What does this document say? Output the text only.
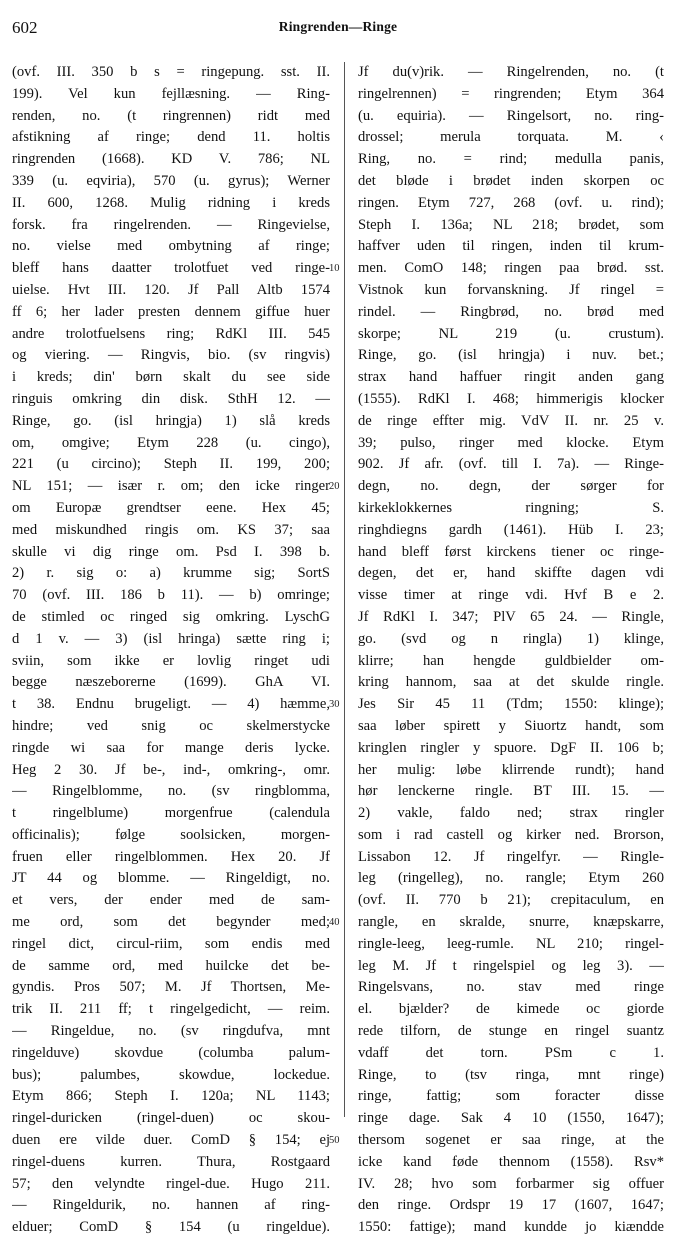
602	Ringrenden—Ringe
(ovf. III. 350 b s = ringepung. sst. II.
199). Vel kun fejllæsning. — Ring-
renden, no. (t ringrennen) ridt med
afstikning af ringe; dend 11. holtis
ringrenden (1668). KD V. 786; NL
339 (u. eqviria), 570 (u. gyrus); Werner
II. 600, 1268. Mulig ridning i kreds
forsk. fra ringelrenden. — Ringevielse,
no. vielse med ombytning af ringe;
bleff hans daatter trolotfuet ved ringe-
uielse. Hvt III. 120. Jf Pall Altb 1574
ff 6; her lader presten dennem giffue huer
andre trolotfuelsens ring; RdKl III. 545
og viering. — Ringvis, bio. (sv ringvis)
i kreds; din' børn skalt du see side
ringuis omkring din disk. SthH 12. —
Ringe, go. (isl hringja) 1) slå kreds
om, omgive; Etym 228 (u. cingo),
221 (u circino); Steph II. 199, 200;
NL 151; — især r. om; den icke ringer
om Europæ grendtser eene. Hex 45;
med miskundhed ringis om. KS 37; saa
skulle vi dig ringe om. Psd I. 398 b.
2) r. sig o: a) krumme sig; SortS
70 (ovf. III. 186 b 11). — b) omringe;
de stimled oc ringed sig omkring. LyschG
d 1 v. — 3) (isl hringa) sætte ring i;
sviin, som ikke er lovlig ringet udi
begge næszeborerne (1699). GhA VI.
t 38. Endnu brugeligt. — 4) hæmme,
hindre; ved snig oc skelmerstycke
ringde wi saa for mange deris lycke.
Heg 2 30. Jf be-, ind-, omkring-, omr.
— Ringelblomme, no. (sv ringblomma,
t ringelblume) morgenfrue (calendula
officinalis); følge soolsicken, morgen-
fruen eller ringelblommen. Hex 20. Jf
JT 44 og blomme. — Ringeldigt, no.
et vers, der ender med de sam-
me ord, som det begynder med;
ringel dict, circul-riim, som endis med
de samme ord, med huilcke det be-
gyndis. Pros 507; M. Jf Thortsen, Me-
trik II. 211 ff; t ringelgedicht, — reim.
— Ringeldue, no. (sv ringdufva, mnt
ringelduve) skovdue (columba palum-
bus); palumbes, skowdue, lockedue.
Etym 866; Steph I. 120a; NL 1143;
ringel-duricken (ringel-duen) oc skou-
duen ere vilde duer. ComD § 154; ej
ringel-duens kurren. Thura, Rostgaard
57; den velyndte ringel-due. Hugo 211.
— Ringeldurik, no. hannen af ring-
elduer; ComD § 154 (u ringeldue).
10
20
30
40
50
Jf du(v)rik. — Ringelrenden, no. (t
ringelrennen) = ringrenden; Etym 364
(u. equiria). — Ringelsort, no. ring-
drossel; merula torquata. M. ‹
Ring, no. = rind; medulla panis,
det bløde i brødet inden skorpen oc
ringen. Etym 727, 268 (ovf. u. rind);
Steph I. 136a; NL 218; brødet, som
haffver uden til ringen, inden til krum-
men. ComO 148; ringen paa brød. sst.
Vistnok kun forvanskning. Jf ringel =
rindel. — Ringbrød, no. brød med
skorpe; NL 219 (u. crustum).
Ringe, go. (isl hringja) i nuv. bet.;
strax hand haffuer ringit anden gang
(1555). RdKl I. 468; himmerigis klocker
de ringe effter mig. VdV II. nr. 25 v.
39; pulso, ringer med klocke. Etym
902. Jf afr. (ovf. till I. 7a). — Ringe-
degn, no. degn, der sørger for
kirkeklokkernes ringning; S.
ringhdiegns gardh (1461). Hüb I. 23;
hand bleff først kirckens tiener oc ringe-
degen, det er, hand skiffte dagen vdi
visse timer at ringe vdi. Hvf B e 2.
Jf RdKl I. 347; PlV 65 24. — Ringle,
go. (svd og n ringla) 1) klinge,
klirre; han hengde guldbielder om-
kring hannom, saa at det skulde ringle.
Jes Sir 45 11 (Tdm; 1550: klinge);
saa løber spirett y Siuortz handt, som
kringlen ringler y spuore. DgF II. 106 b;
her mulig: løbe klirrende rundt); hand
hør lenckerne ringle. BT III. 15. —
2) vakle, faldo ned; strax ringler
som i rad castell og kirker ned. Brorson,
Lissabon 12. Jf ringelfyr. — Ringle-
leg (ringelleg), no. rangle; Etym 260
(ovf. II. 770 b 21); crepitaculum, en
rangle, en skralde, snurre, knæpskarre,
ringle-leeg, leeg-rumle. NL 210; ringel-
leg M. Jf t ringelspiel og leg 3). —
Ringelsvans, no. stav med ringe
el. bjælder? de kimede oc giorde
rede tilforn, de stunge en ringel suantz
vdaff det torn. PSm c 1.
Ringe, to (tsv ringa, mnt ringe)
ringe, fattig; som foracter disse
ringe dage. Sak 4 10 (1550, 1647);
thersom sogenet er saa ringe, at the
icke kand føde thennom (1558). Rsv*
IV. 28; hvo som forbarmer sig offuer
den ringe. Ordspr 19 17 (1607, 1647;
1550: fattige); mand kundde jo kiændde
